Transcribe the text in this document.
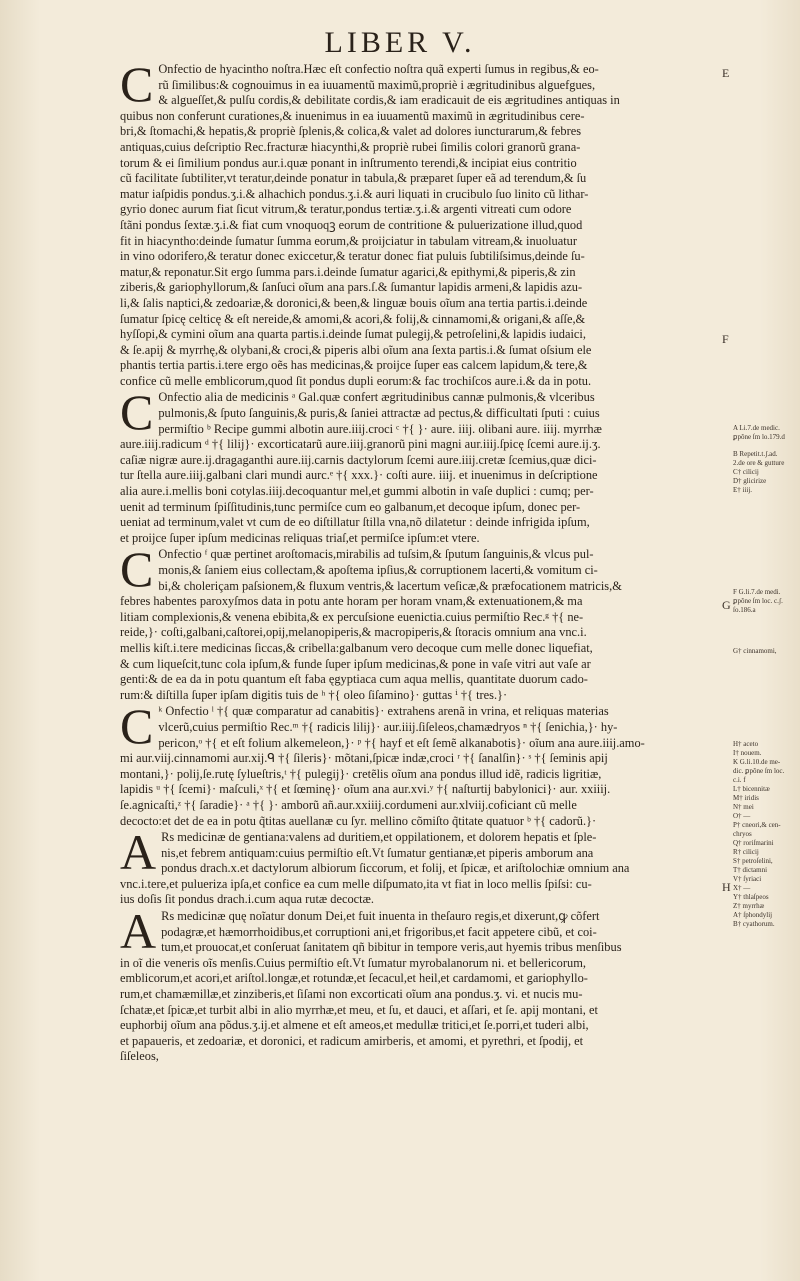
LIBER V.
C Onfectio de hyacintho noſtra.Hæc eſt confectio noſtra quã experti ſumus in regibus,& eo-
rũ ſimilibus:& cognouimus in ea iuuamentũ maximũ,propriè i ægritudinibus alguefgues,
& algueſſet,& pulſu cordis,& debilitate cordis,& iam eradicauit de eis ægritudines antiquas in
quibus non conferunt curationes,& inuenimus in ea iuuamentũ maximũ in ægritudinibus cere-
bri,& ſtomachi,& hepatis,& propriè ſplenis,& colica,& valet ad dolores iuncturarum,& febres
antiquas,cuius deſcriptio Rec.fracturæ hiacynthi,& propriè rubei ſimilis colori granorũ grana-
torum & ei ſimilium pondus aur.i.quæ ponant in inſtrumento terendi,& incipiat eius contritio
cũ facilitate ſubtiliter,vt teratur,deinde ponatur in tabula,& præparet ſuper eã ad terendum,& ſu
matur iaſpidis pondus.ʒ.i.& alhachich pondus.ʒ.i.& auri liquati in crucibulo ſuo linito cũ lithar-
gyrio donec aurum fiat ſicut vitrum,& teratur,pondus tertiæ.ʒ.i.& argenti vitreati cum odore
ſtãni pondus ſextæ.ʒ.i.& fiat cum vnoquoqꝫ eorum de contritione & puluerizatione illud,quod
fit in hiacyntho:deinde ſumatur ſumma eorum,& proijciatur in tabulam vitream,& inuoluatur
in vino odorifero,& teratur donec exiccetur,& teratur donec fiat puluis ſubtiliſsimus,deinde ſu-
matur,& reponatur.Sit ergo ſumma pars.i.deinde ſumatur agarici,& epithymi,& piperis,& zin
ziberis,& gariophyllorum,& ſanſuci oĩum ana pars.ſ.& ſumantur lapidis armeni,& lapidis azu-
li,& ſalis naptici,& zedoariæ,& doronici,& been,& linguæ bouis oĩum ana tertia partis.i.deinde
ſumatur ſpicę celticę & eſt nereide,& amomi,& acori,& folij,& cinnamomi,& origani,& aſſe,&
hyſſopi,& cymini oĩum ana quarta partis.i.deinde ſumat pulegij,& petroſelini,& lapidis iudaici,
& ſe.apij & myrrhę,& olybani,& croci,& piperis albi oĩum ana ſexta partis.i.& ſumat oſsium ele
phantis tertia partis.i.tere ergo oẽs has medicinas,& proijce ſuper eas calcem lapidum,& tere,&
confice cũ melle emblicorum,quod ſit pondus dupli eorum:& fac trochiſcos aure.i.& da in potu.
C Onfectio alia de medicinis ᵃ Gal.quæ confert ægritudinibus cannæ pulmonis,& vlceribus
pulmonis,& ſputo ſanguinis,& puris,& ſaniei attractæ ad pectus,& difficultati ſputi : cuius
permiſtio ᵇ Recipe gummi albotin aure.iiij.croci ᶜ †{ }· aure. iiij. olibani aure. iiij. myrrhæ
aure.iiij.radicum ᵈ †{ lilij}· excorticatarũ aure.iiij.granorũ pini magni aur.iiij.ſpicę ſcemi aure.ij.ʒ.
caſiæ nigræ aure.ij.dragaganthi aure.iij.carnis dactylorum ſcemi aure.iiij.cretæ ſcemius,quæ dici-
tur ſtella aure.iiij.galbani clari mundi aurc.ᵉ †{ xxx.}· coſti aure. iiij. et inuenimus in deſcriptione
alia aure.i.mellis boni cotylas.iiij.decoquantur mel,et gummi albotin in vaſe duplici : cumq; per-
uenit ad terminum ſpiſſitudinis,tunc permiſce cum eo galbanum,et decoque ipſum, donec per-
ueniat ad terminum,valet vt cum de eo diſtillatur ſtilla vna,nõ dilatetur : deinde infrigida ipſum,
et proijce ſuper ipſum medicinas reliquas triaſ,et permiſce ipſum:et vtere.
C Onfectio ᶠ quæ pertinet aroſtomacis,mirabilis ad tuſsim,& ſputum ſanguinis,& vlcus pul-
monis,& ſaniem eius collectam,& apoſtema ipſius,& corruptionem lacerti,& vomitum ci-
bi,& choleriçam paſsionem,& fluxum ventris,& lacertum veſicæ,& præfocationem matricis,&
febres habentes paroxyſmos data in potu ante horam per horam vnam,& extenuationem,& ma
litiam complexionis,& venena ebibita,& ex percuſsione euenictia.cuius permiſtio Rec.ᵍ †{ ne-
reide,}· coſti,galbani,caſtorei,opij,melanopiperis,& macropiperis,& ſtoracis omnium ana vnc.i.
mellis kiſt.i.tere medicinas ſiccas,& cribella:galbanum vero decoque cum melle donec liquefiat,
& cum liqueſcit,tunc cola ipſum,& funde ſuper ipſum medicinas,& pone in vaſe vitri aut vaſe ar
genti:& de ea da in potu quantum eſt faba ęgyptiaca cum aqua mellis, quantitate duorum cado-
rum:& diſtilla ſuper ipſam digitis tuis de ʰ †{ oleo ſiſamino}· guttas ⁱ †{ tres.}·
C ᵏ Onfectio ˡ †{ quæ comparatur ad canabitis}· extrahens arenã in vrina, et reliquas materias
vlcerũ,cuius permiſtio Rec.ᵐ †{ radicis lilij}· aur.iiij.ſiſeleos,chamædryos ⁿ †{ ſenichia,}· hy-
pericon,ᵒ †{ et eſt folium alkemeleon,}· ᵖ †{ hayf et eſt ſemẽ alkanabotis}· oĩum ana aure.iiij.amo-
mi aur.viij.cinnamomi aur.xij.ᑫ †{ ſileris}· mõtani,ſpicæ indæ,croci ʳ †{ ſanalſin}· ˢ †{ ſeminis apij
montani,}· polij,ſe.rutę ſylueſtris,ᵗ †{ pulegij}· cretẽlis oĩum ana pondus illud idẽ, radicis ligritiæ,
lapidis ᵘ †{ ſcemi}· maſculi,ˣ †{ et ſœminę}· oĩum ana aur.xvi.ʸ †{ naſturtij babylonici}· aur. xxiiij.
ſe.agnicaſti,ᶻ †{ ſaradie}· ᵃ †{ }· amborũ añ.aur.xxiiij.cordumeni aur.xlviij.coficiant cũ melle
decocto:et det de ea in potu q̃titas auellanæ cu ſyr. mellino cõmiſto q̃titate quatuor ᵇ †{ cadorũ.}·
A Rs medicinæ de gentiana:valens ad duritiem,et oppilationem, et dolorem hepatis et ſple-
nis,et febrem antiquam:cuius permiſtio eſt.Vt ſumatur gentianæ,et piperis amborum ana
pondus drach.x.et dactylorum albiorum ſiccorum, et folij, et ſpicæ, et ariſtolochiæ omnium ana
vnc.i.tere,et pulueriza ipſa,et confice ea cum melle diſpumato,ita vt fiat in loco mellis ſpiſsi: cu-
ius doſis ſit pondus drach.i.cum aqua rutæ decoctæ.
A Rs medicinæ quę noĩatur donum Dei,et fuit inuenta in theſauro regis,et dixerunt,ꝙ cõfert
podagræ,et hæmorrhoidibus,et corruptioni ani,et frigoribus,et facit appetere cibũ, et coi-
tum,et prouocat,et conſeruat ſanitatem qñ bibitur in tempore veris,aut hyemis tribus menſibus
in oĩ die veneris oĩs menſis.Cuius permiſtio eſt.Vt ſumatur myrobalanorum ni. et bellericorum,
emblicorum,et acori,et ariſtol.longæ,et rotundæ,et ſecacul,et heil,et cardamomi, et gariophyllo-
rum,et chamæmillæ,et zinziberis,et ſiſami non excorticati oĩum ana pondus.ʒ. vi. et nucis mu-
ſchatæ,et ſpicæ,et turbit albi in alio myrrhæ,et meu, et ſu, et dauci, et aſſari, et ſe. apij montani, et
euphorbij oĩum ana põdus.ʒ.ij.et almene et eſt ameos,et medullæ tritici,et ſe.porri,et tuderi albi,
et papaueris, et zedoariæ, et doronici, et radicum amirberis, et amomi, et pyrethri, et ſpodij, et
ſiſeleos,
E
F
G
H
A Li.7.de medic.
ꝑpõne ſm lo.179.d
B Repetit.t.ʃ.ad.
2.de ore & gutture
C† cilicij
D† glicirize
E† iiij.
F G.li.7.de medi.
ꝑpõne ſm loc. c.ʃ.
ſo.186.a
G† cinnamomi,
H† aceto
I† nouem.
K G.li.10.de me-
dic. ꝑpõne ſm loc.
c.i. f
L† bicennitæ
M† iridis
N† mei
O† —
P† cneori,& cen-
chryos
Q† roriſmarini
R† cilicij
S† petroſelini,
T† dictamni
V† ſyriaci
X† —
Y† thlaſpeos
Z† myrrhæ
A† ſphondylij
B† cyathorum.
